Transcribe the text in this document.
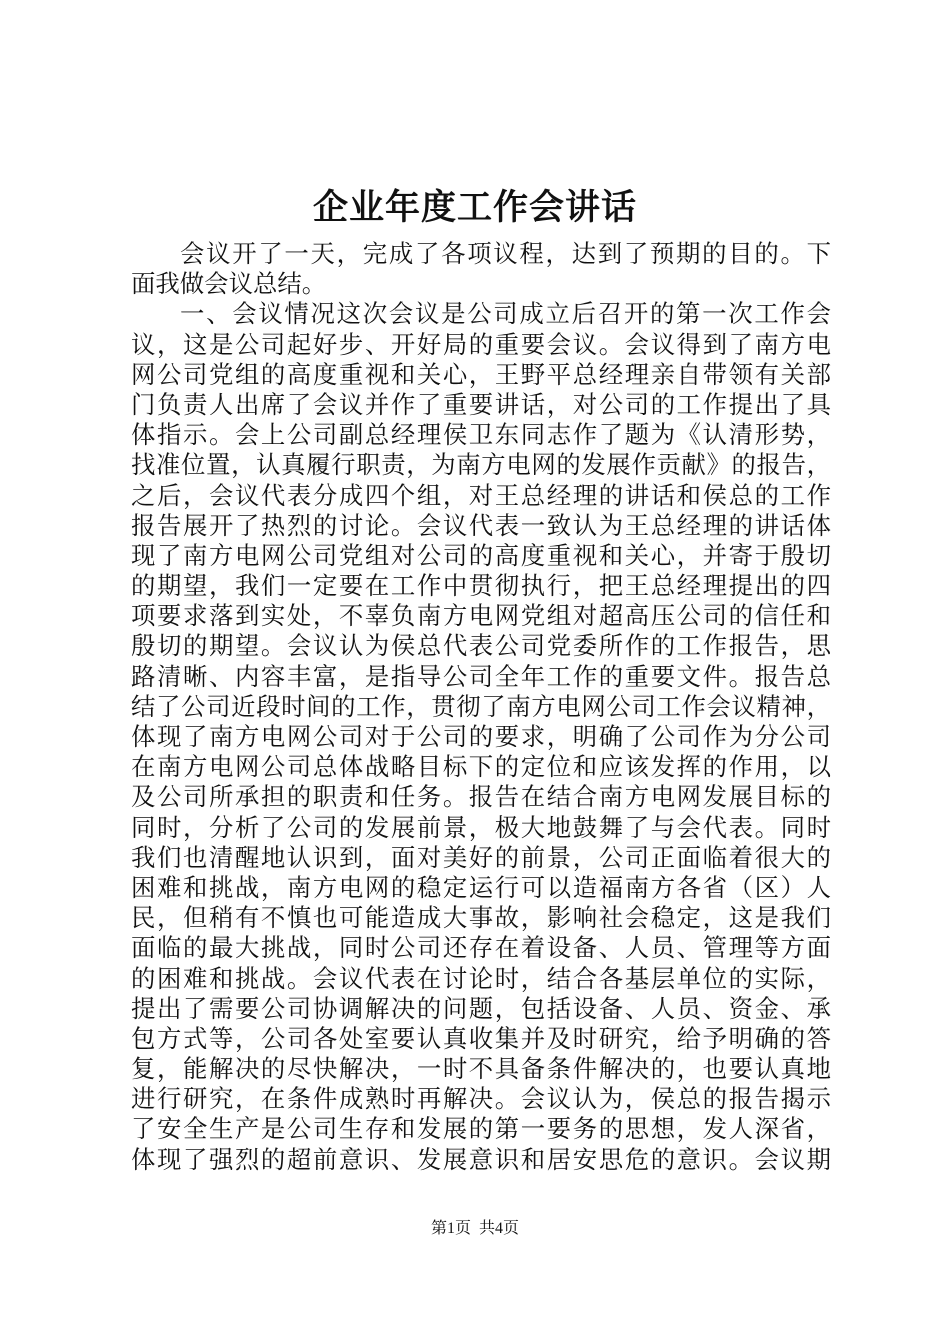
企业年度工作会讲话
会议开了一天，完成了各项议程，达到了预期的目的。下
面我做会议总结。
一、会议情况这次会议是公司成立后召开的第一次工作会
议，这是公司起好步、开好局的重要会议。会议得到了南方电
网公司党组的高度重视和关心，王野平总经理亲自带领有关部
门负责人出席了会议并作了重要讲话，对公司的工作提出了具
体指示。会上公司副总经理侯卫东同志作了题为《认清形势，
找准位置，认真履行职责，为南方电网的发展作贡献》的报告，
之后，会议代表分成四个组，对王总经理的讲话和侯总的工作
报告展开了热烈的讨论。会议代表一致认为王总经理的讲话体
现了南方电网公司党组对公司的高度重视和关心，并寄于殷切
的期望，我们一定要在工作中贯彻执行，把王总经理提出的四
项要求落到实处，不辜负南方电网党组对超高压公司的信任和
殷切的期望。会议认为侯总代表公司党委所作的工作报告，思
路清晰、内容丰富，是指导公司全年工作的重要文件。报告总
结了公司近段时间的工作，贯彻了南方电网公司工作会议精神，
体现了南方电网公司对于公司的要求，明确了公司作为分公司
在南方电网公司总体战略目标下的定位和应该发挥的作用，以
及公司所承担的职责和任务。报告在结合南方电网发展目标的
同时，分析了公司的发展前景，极大地鼓舞了与会代表。同时
我们也清醒地认识到，面对美好的前景，公司正面临着很大的
困难和挑战，南方电网的稳定运行可以造福南方各省（区）人
民，但稍有不慎也可能造成大事故，影响社会稳定，这是我们
面临的最大挑战，同时公司还存在着设备、人员、管理等方面
的困难和挑战。会议代表在讨论时，结合各基层单位的实际，
提出了需要公司协调解决的问题，包括设备、人员、资金、承
包方式等，公司各处室要认真收集并及时研究，给予明确的答
复，能解决的尽快解决，一时不具备条件解决的，也要认真地
进行研究，在条件成熟时再解决。会议认为，侯总的报告揭示
了安全生产是公司生存和发展的第一要务的思想，发人深省，
体现了强烈的超前意识、发展意识和居安思危的意识。会议期
第1页  共4页
